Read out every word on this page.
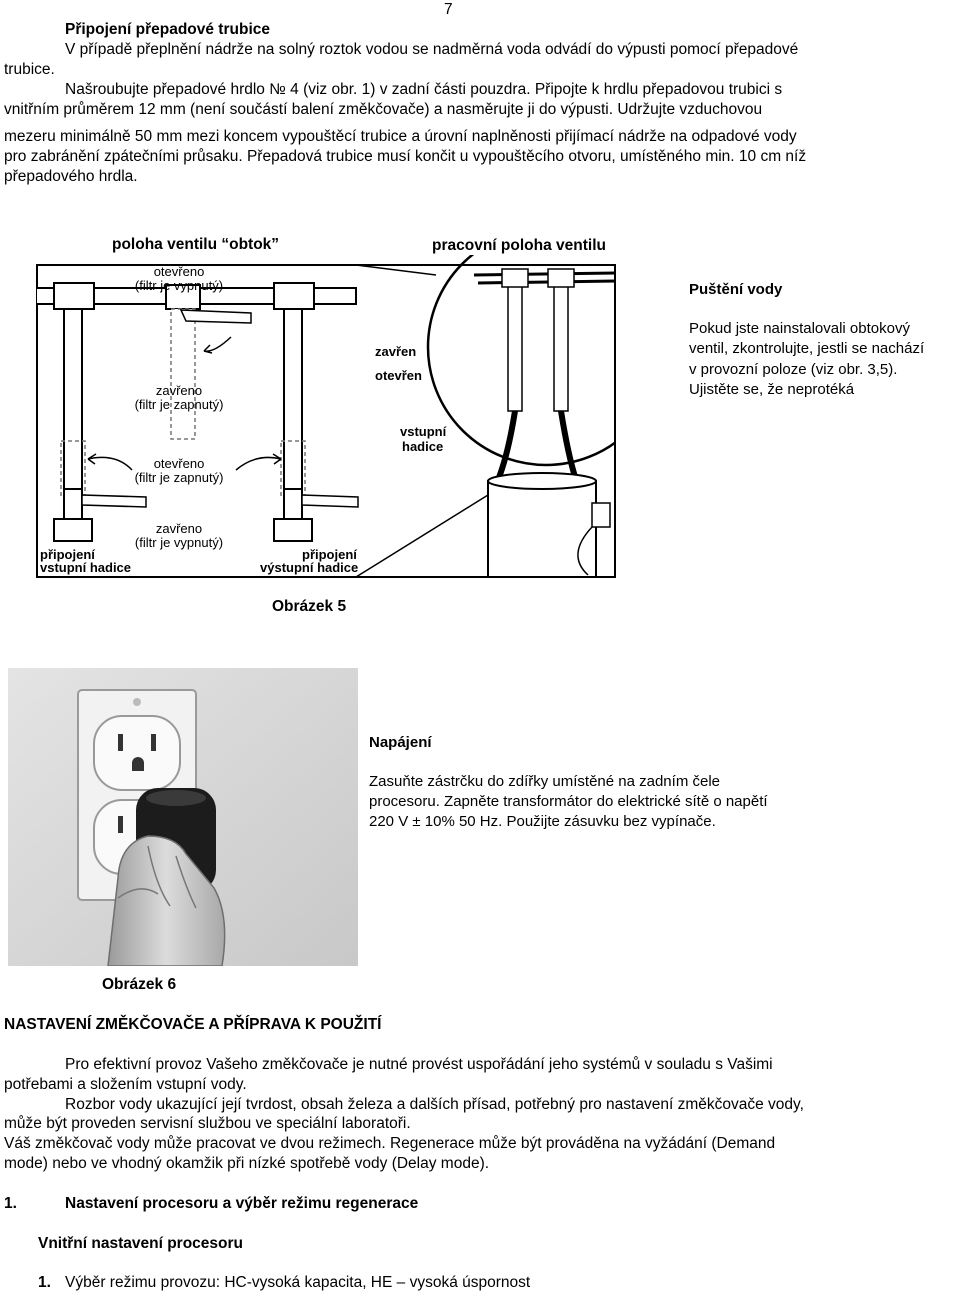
7
Připojení přepadové trubice
V případě přeplnění nádrže na solný roztok vodou se nadměrná voda odvádí do výpusti pomocí přepadové
trubice.
Našroubujte přepadové hrdlo № 4 (viz obr. 1) v zadní části pouzdra. Připojte k hrdlu přepadovou trubici s
vnitřním průměrem 12 mm (není součástí balení změkčovače) a nasměrujte ji do výpusti. Udržujte vzduchovou
mezeru minimálně 50 mm mezi koncem vypouštěcí trubice a úrovní naplněnosti přijímací nádrže na odpadové vody
pro zabránění zpátečními průsaku. Přepadová trubice musí končit u vypouštěcího otvoru, umístěného min. 10 cm níž
přepadového hrdla.
poloha ventilu “obtok”	pracovní poloha ventilu
otevřeno
(filtr je vypnutý)
zavřeno
(filtr je zapnutý)
otevřeno
(filtr je zapnutý)
zavřeno
(filtr je vypnutý)
připojení
vstupní hadice
připojení
výstupní hadice
zavřen
otevřen
vstupní
hadice
Puštění vody
Pokud jste nainstalovali obtokový
ventil, zkontrolujte, jestli se nachází
v provozní poloze (viz obr. 3,5).
Ujistěte se, že neprotéká
Obrázek 5
Napájení
Zasuňte zástrčku do zdířky umístěné na zadním čele
procesoru. Zapněte transformátor do elektrické sítě o napětí
220 V ± 10% 50 Hz. Použijte zásuvku bez vypínače.
Obrázek 6
NASTAVENÍ ZMĚKČOVAČE A PŘÍPRAVA K POUŽITÍ
Pro efektivní provoz Vašeho změkčovače je nutné provést uspořádání jeho systémů v souladu s Vašimi
potřebami a složením vstupní vody.
Rozbor vody ukazující její tvrdost, obsah železa a dalších přísad, potřebný pro nastavení změkčovače vody,
může být proveden servisní službou ve speciální laboratoři.
Váš změkčovač vody může pracovat ve dvou režimech. Regenerace může být prováděna na vyžádání (Demand
mode) nebo ve vhodný okamžik při nízké spotřebě vody (Delay mode).
1.	Nastavení procesoru a výběr režimu regenerace
Vnitřní nastavení procesoru
1. Výběr režimu provozu: HC-vysoká kapacita, HE – vysoká úspornost
